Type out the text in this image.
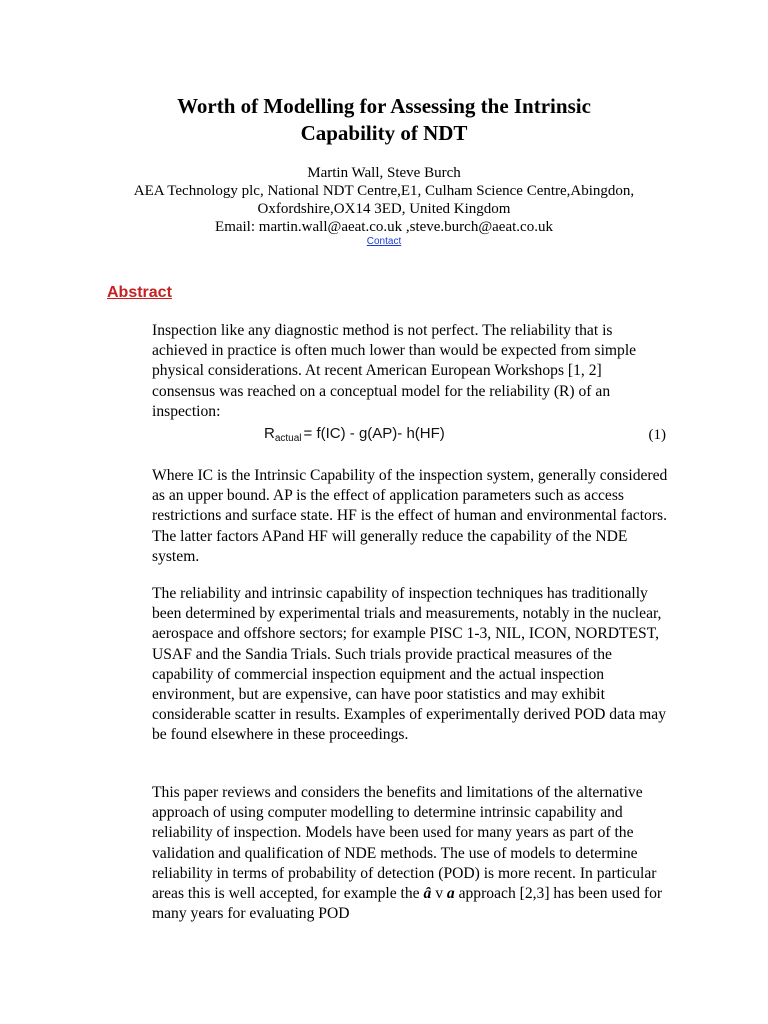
Worth of Modelling for Assessing the Intrinsic
Capability of NDT
Martin Wall, Steve Burch
AEA Technology plc, National NDT Centre,E1, Culham Science Centre,Abingdon,
Oxfordshire,OX14 3ED, United Kingdom
Email: martin.wall@aeat.co.uk ,steve.burch@aeat.co.uk
Contact
Abstract

Inspection like any diagnostic method is not perfect. The reliability that is achieved in practice is often much lower than would be expected from simple physical considerations. At recent American European Workshops [1, 2] consensus was reached on a conceptual model for the reliability (R) of an inspection:

$R_{actual} = f(IC) - g(AP)-$ h(HF)	(1)

Where IC is the Intrinsic Capability of the inspection system, generally considered as an upper bound. AP is the effect of application parameters such as access restrictions and surface state. HF is the effect of human and environmental factors. The latter factors APand HF will generally reduce the capability of the NDE system.

The reliability and intrinsic capability of inspection techniques has traditionally been determined by experimental trials and measurements, notably in the nuclear, aerospace and offshore sectors; for example PISC 1-3, NIL, ICON, NORDTEST, USAF and the Sandia Trials. Such trials provide practical measures of the capability of commercial inspection equipment and the actual inspection environment, but are expensive, can have poor statistics and may exhibit considerable scatter in results. Examples of experimentally derived POD data may be found elsewhere in these proceedings.

This paper reviews and considers the benefits and limitations of the alternative approach of using computer modelling to determine intrinsic capability and reliability of inspection. Models have been used for many years as part of the validation and qualification of NDE methods. The use of models to determine reliability in terms of probability of detection (POD) is more recent. In particular areas this is well accepted, for example the â v a approach [2,3] has been used for many years for evaluating POD
